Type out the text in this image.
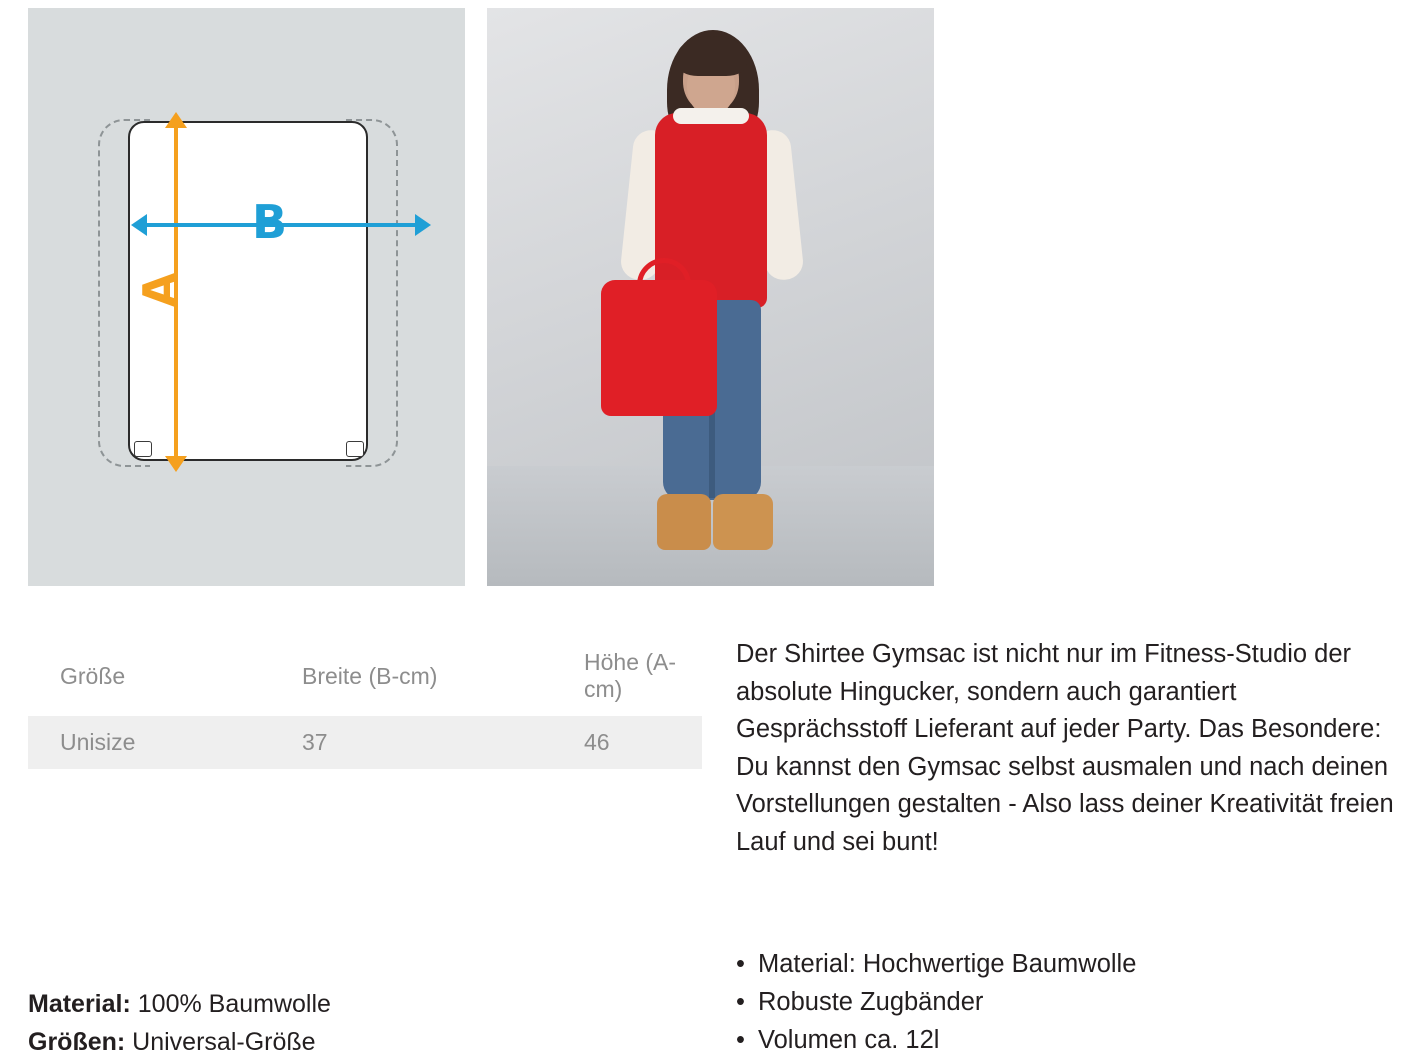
A
B
Größe	Breite (B-cm)	Höhe (A-cm)
Unisize	37	46
Material: 100% Baumwolle
Größen: Universal-Größe
Der Shirtee Gymsac ist nicht nur im Fitness-Studio der absolute Hingucker, sondern auch garantiert Gesprächsstoff Lieferant auf jeder Party. Das Besondere: Du kannst den Gymsac selbst ausmalen und nach deinen Vorstellungen gestalten - Also lass deiner Kreativität freien Lauf und sei bunt!
• Material: Hochwertige Baumwolle
• Robuste Zugbänder
• Volumen ca. 12l
